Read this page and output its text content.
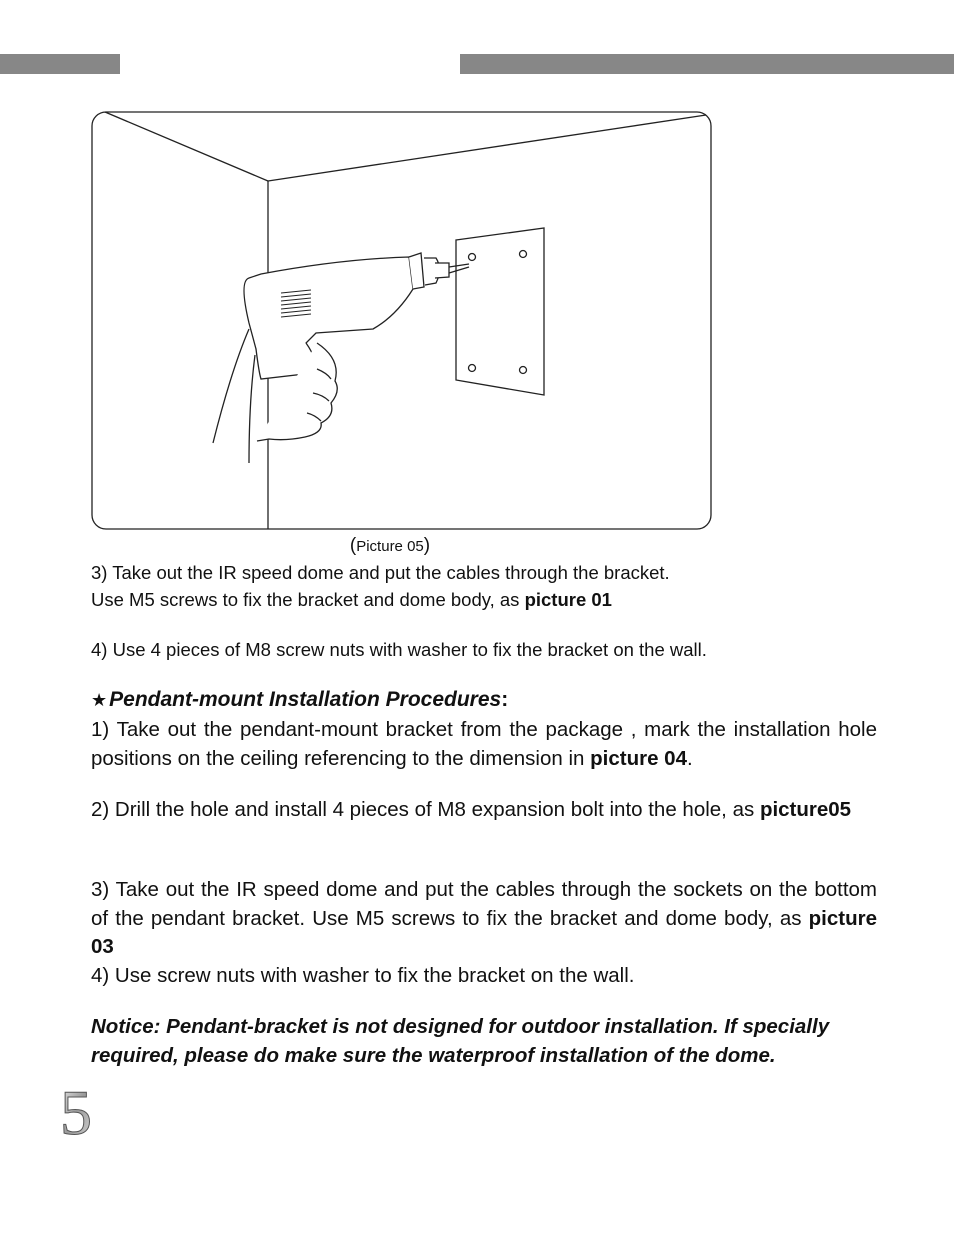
(Picture 05)
3) Take out the IR speed dome and put the cables through the bracket.
Use M5 screws to fix the bracket and dome body, as picture 01
4) Use 4 pieces of M8 screw nuts with washer to fix the bracket on the wall.
★Pendant-mount Installation Procedures:
1) Take out the pendant-mount bracket from the package , mark the installation hole positions on the ceiling referencing to the dimension in picture 04.
2) Drill the hole and install 4 pieces of M8 expansion bolt into the hole, as picture05
3) Take out the IR speed dome and put the cables through the sockets on the bottom of the pendant bracket. Use M5 screws to fix the bracket and dome body, as picture 03
4) Use screw nuts with washer to fix the bracket on the wall.
Notice: Pendant-bracket is not designed for outdoor installation. If specially
required, please do make sure the waterproof installation of the dome.
5
